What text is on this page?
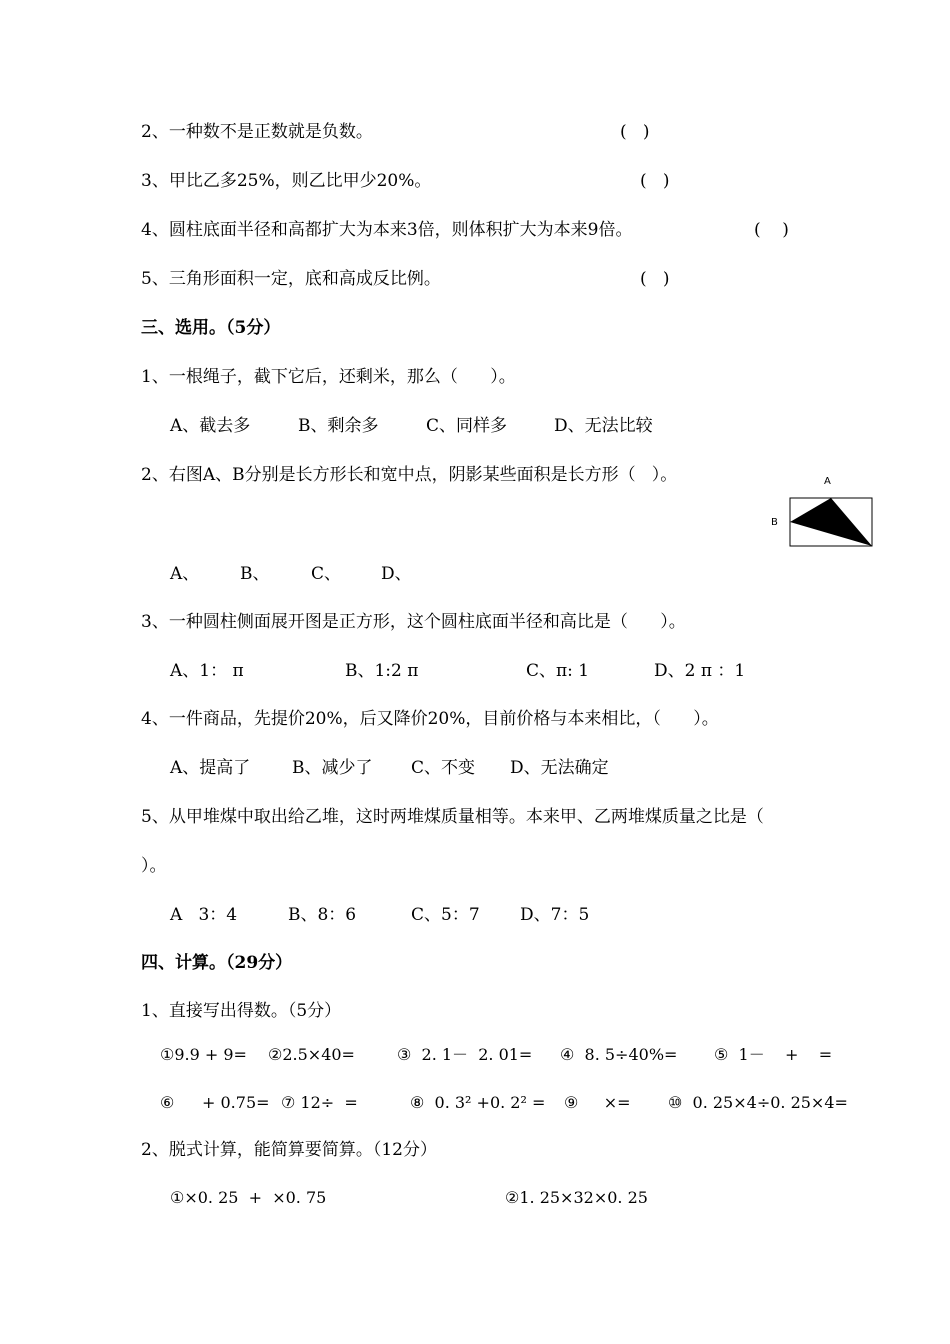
2、一种数不是正数就是负数。	(   )
3、甲比乙多25%，则乙比甲少20%。	(   )
4、圆柱底面半径和高都扩大为本来3倍，则体积扩大为本来9倍。	(    )
5、三角形面积一定，底和高成反比例。	(   )
三、选用。（5分）
1、一根绳子，截下它后，还剩米，那么（      ）。
A、截去多	B、剩余多	C、同样多	D、无法比较
2、右图A、B分别是长方形长和宽中点，阴影某些面积是长方形（   ）。	A
B
A、 B、 C、 D、
3、一种圆柱侧面展开图是正方形，这个圆柱底面半径和高比是（      ）。
A、1： π	B、1:2 π	C、π: 1	D、2 π ：1
4、一件商品，先提价20%，后又降价20%，目前价格与本来相比，（      ）。
A、提高了 B、减少了 C、不变 D、无法确定
5、从甲堆煤中取出给乙堆，这时两堆煤质量相等。本来甲、乙两堆煤质量之比是（
）。
A   3：4	B、8：6	C、5：7 D、7：5
四、计算。（29分）
1、直接写出得数。（5分）
①9.9 + 9= ②2.5×40=	③  2. 1－  2. 01= ④  8. 5÷40%= ⑤  1－    +    =
⑥ + 0.75= ⑦ 12÷  =	⑧  0. 3² +0. 2² = ⑨     ×= ⑩  0. 25×4÷0. 25×4=
2、脱式计算，能简算要简算。（12分）
①×0. 25  +  ×0. 75	②1. 25×32×0. 25
